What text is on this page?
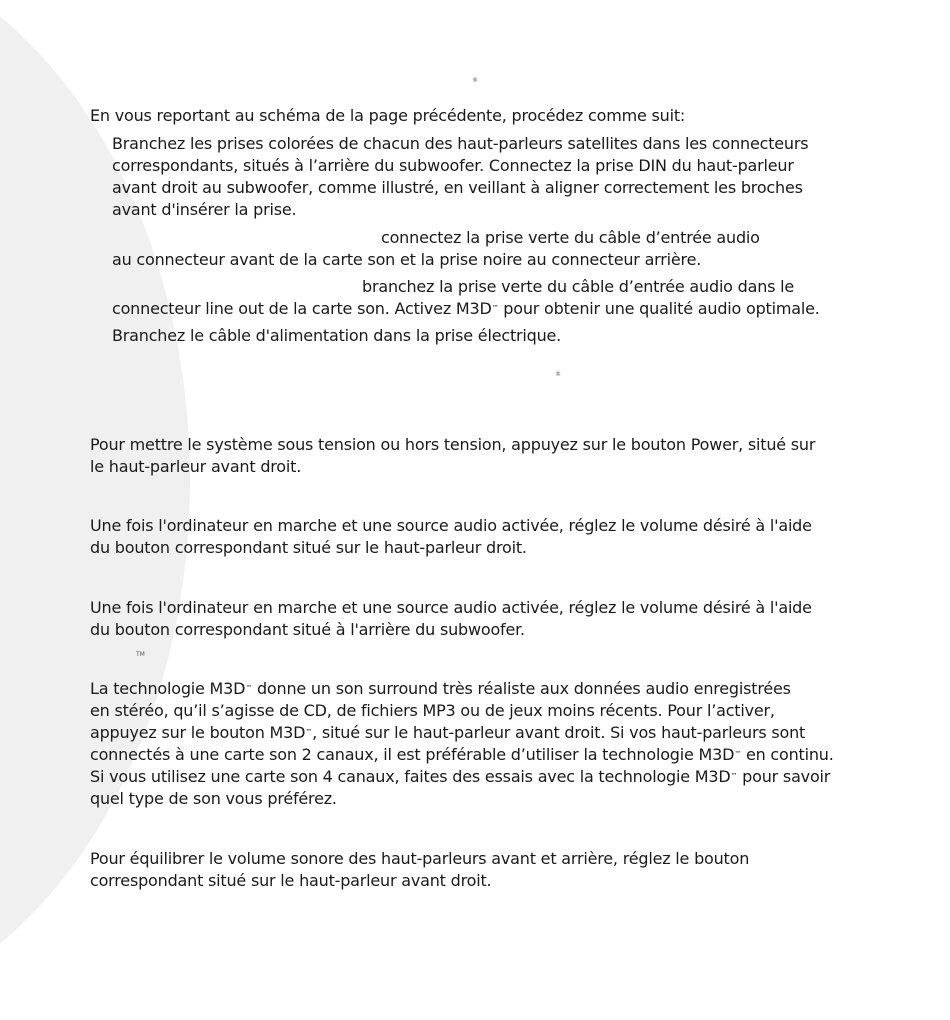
®

En vous reportant au schéma de la page précédente, procédez comme suit:

Branchez les prises colorées de chacun des haut-parleurs satellites dans les connecteurs

correspondants, situés à l’arrière du subwoofer. Connectez la prise DIN du haut-parleur

avant droit au subwoofer, comme illustré, en veillant à aligner correctement les broches

avant d'insérer la prise.

connectez la prise verte du câble d’entrée audio

au connecteur avant de la carte son et la prise noire au connecteur arrière.

branchez la prise verte du câble d’entrée audio dans le

connecteur line out de la carte son. Activez M3D™ pour obtenir une qualité audio optimale.

Branchez le câble d'alimentation dans la prise électrique.

®

Pour mettre le système sous tension ou hors tension, appuyez sur le bouton Power, situé sur

le haut-parleur avant droit.

Une fois l'ordinateur en marche et une source audio activée, réglez le volume désiré à l'aide

du bouton correspondant situé sur le haut-parleur droit.

Une fois l'ordinateur en marche et une source audio activée, réglez le volume désiré à l'aide

du bouton correspondant situé à l'arrière du subwoofer.

TM

La technologie M3D™ donne un son surround très réaliste aux données audio enregistrées

en stéréo, qu’il s’agisse de CD, de fichiers MP3 ou de jeux moins récents. Pour l’activer,

appuyez sur le bouton M3D™, situé sur le haut-parleur avant droit. Si vos haut-parleurs sont

connectés à une carte son 2 canaux, il est préférable d’utiliser la technologie M3D™ en continu.

Si vous utilisez une carte son 4 canaux, faites des essais avec la technologie M3D™ pour savoir

quel type de son vous préférez.

Pour équilibrer le volume sonore des haut-parleurs avant et arrière, réglez le bouton

correspondant situé sur le haut-parleur avant droit.
